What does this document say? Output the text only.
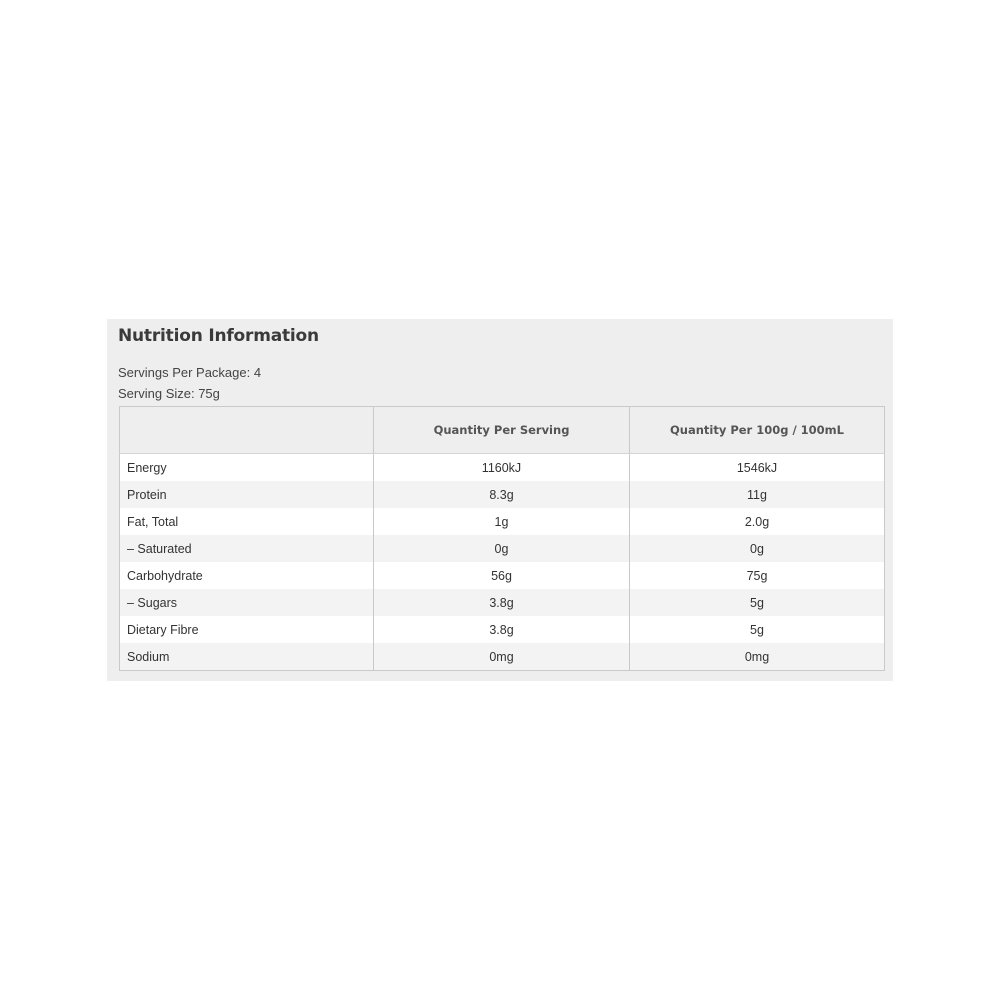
Nutrition Information
Servings Per Package: 4
Serving Size: 75g
	Quantity Per Serving	Quantity Per 100g / 100mL
Energy	1160kJ	1546kJ
Protein	8.3g	11g
Fat, Total	1g	2.0g
– Saturated	0g	0g
Carbohydrate	56g	75g
– Sugars	3.8g	5g
Dietary Fibre	3.8g	5g
Sodium	0mg	0mg
